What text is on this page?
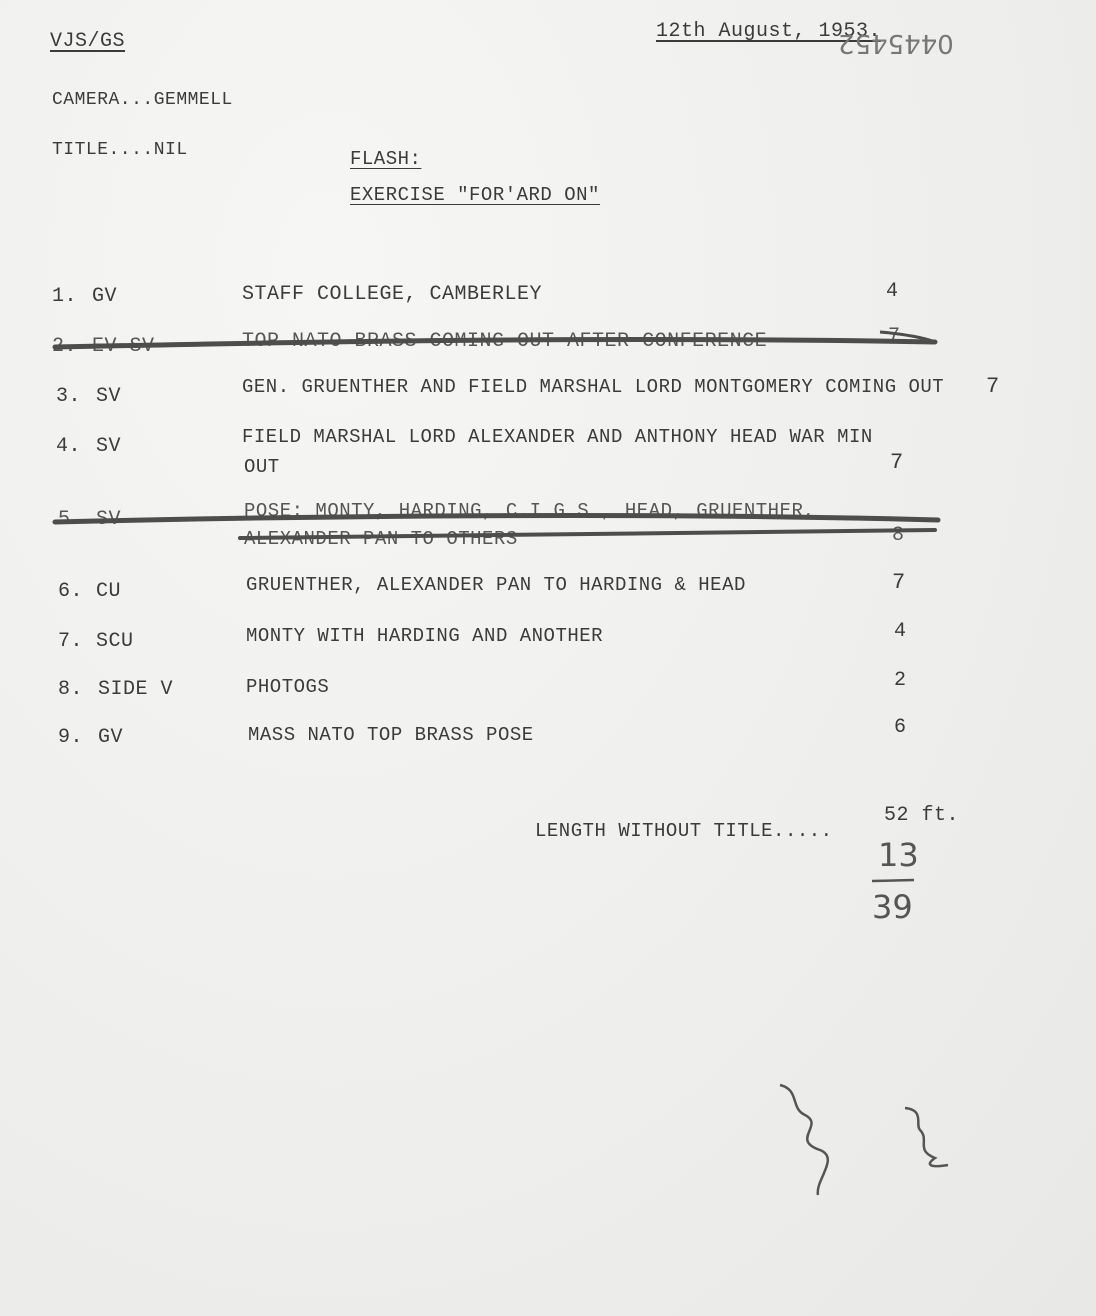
VJS/GS	12th August, 1953.
0445452
CAMERA...GEMMELL
TITLE....NIL	FLASH:
EXERCISE "FOR'ARD ON"
1. GV	STAFF COLLEGE, CAMBERLEY	4
2. EV SV	TOP NATO BRASS COMING OUT AFTER CONFERENCE	7
3. SV	GEN. GRUENTHER AND FIELD MARSHAL LORD MONTGOMERY COMING OUT 7
4. SV	FIELD MARSHAL LORD ALEXANDER AND ANTHONY HEAD WAR MIN
OUT	7
5. SV	POSE: MONTY, HARDING, C.I.G.S., HEAD, GRUENTHER,
ALEXANDER PAN TO OTHERS	8
6. CU	GRUENTHER, ALEXANDER PAN TO HARDING & HEAD	7
7. SCU	MONTY WITH HARDING AND ANOTHER	4
8. SIDE V	PHOTOGS	2
9. GV	MASS NATO TOP BRASS POSE	6
LENGTH WITHOUT TITLE.....
52 ft.
13
39
